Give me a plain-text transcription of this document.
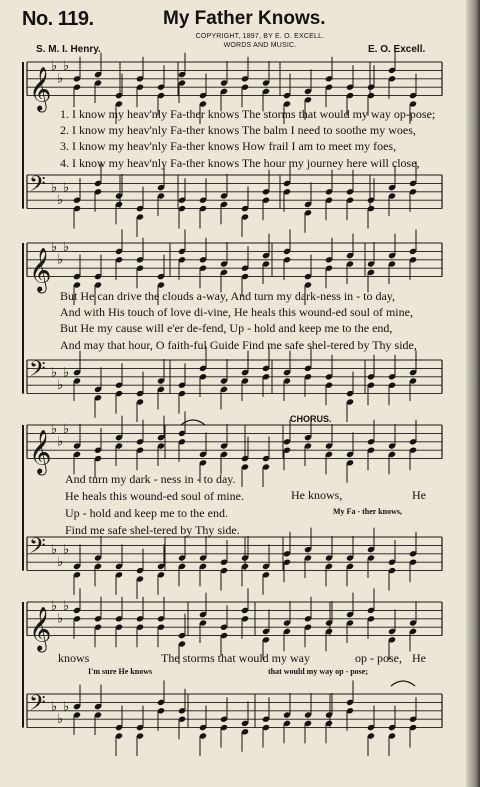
No. 119.	My Father Knows.
COPYRIGHT, 1897, BY E. O. EXCELL.
WORDS AND MUSIC.
S. M. I. Henry.	E. O. Excell.
𝄞
♭
♭
♭
𝄢 ♭
♭
♭
𝄞
♭
♭
♭
𝄢 ♭
♭
♭
𝄞
♭
♭
♭
𝄢 ♭
♭
♭
𝄞
♭
♭
♭
𝄢 ♭
♭
♭
1. I know my heav'nly Fa-ther knows The storms that would my way op-pose;
2. I know my heav'nly Fa-ther knows The balm I need to soothe my woes,
3. I know my heav'nly Fa-ther knows How frail I am to meet my foes,
4. I know my heav'nly Fa-ther knows The hour my journey here will close,
But He can drive the clouds a-way, And turn my dark-ness in - to day,
And with His touch of love di-vine, He heals this wound-ed soul of mine,
But He my cause will e'er de-fend, Up - hold and keep me to the end,
And may that hour, O faith-ful Guide Find me safe shel-tered by Thy side,
CHORUS.
And turn my dark - ness in - to day.
He heals this wound-ed soul of mine.
Up - hold and keep me to the end.
Find me safe shel-tered by Thy side.
He knows,	He
My Fa - ther knows,
knows	The storms that would my way	op - pose, He
I'm sure He knows	that would my way op - pose;
